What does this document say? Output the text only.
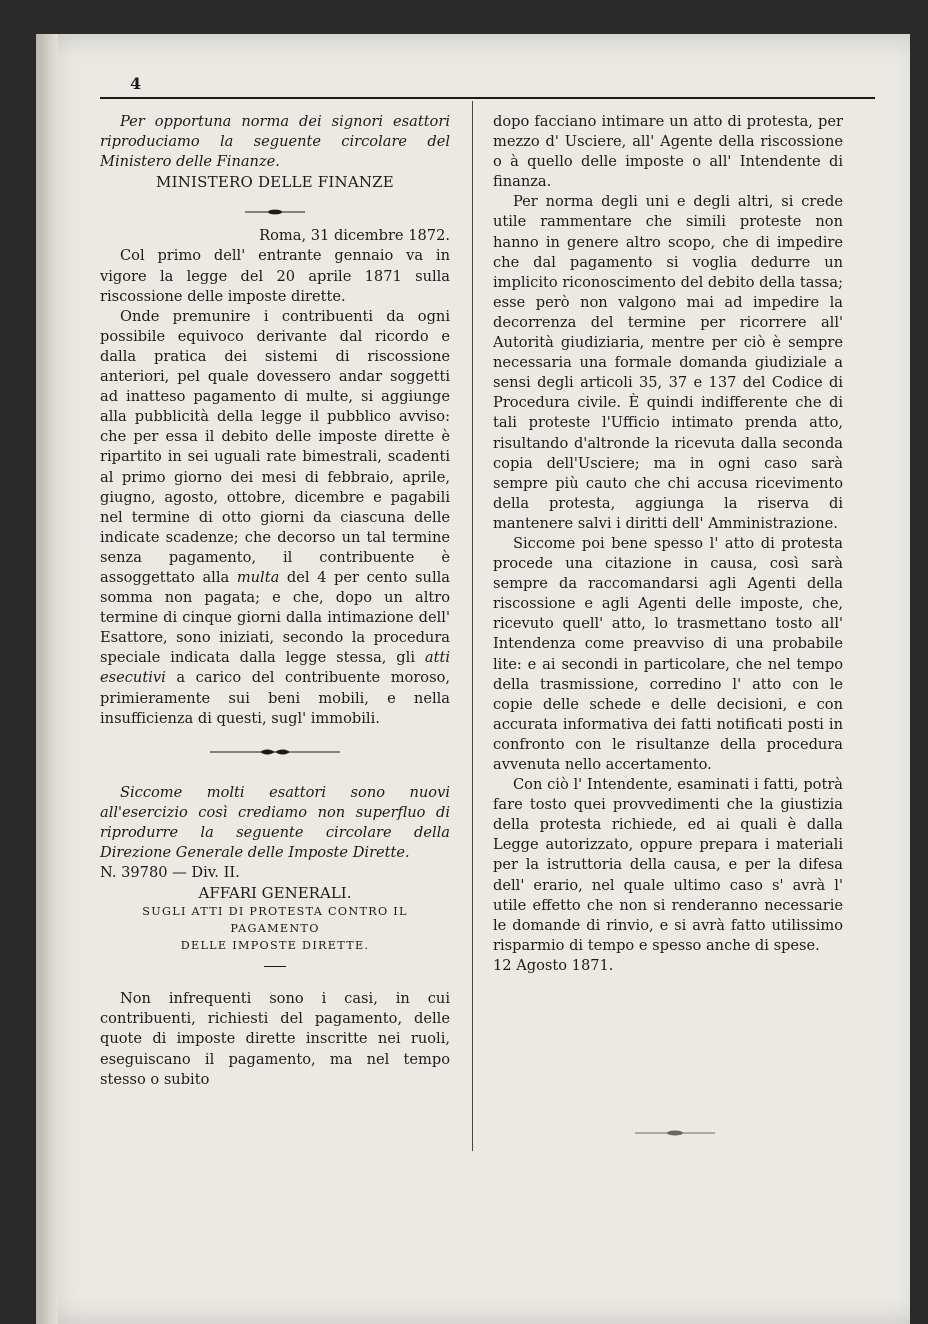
4

Per opportuna norma dei signori esattori riproduciamo la seguente circolare del Ministero delle Finanze.

MINISTERO DELLE FINANZE

Roma, 31 dicembre 1872.

Col primo dell' entrante gennaio va in vigore la legge del 20 aprile 1871 sulla riscossione delle imposte dirette.

Onde premunire i contribuenti da ogni possibile equivoco derivante dal ricordo e dalla pratica dei sistemi di riscossione anteriori, pel quale dovessero andar soggetti ad inatteso pagamento di multe, si aggiunge alla pubblicità della legge il pubblico avviso: che per essa il debito delle imposte dirette è ripartito in sei uguali rate bimestrali, scadenti al primo giorno dei mesi di febbraio, aprile, giugno, agosto, ottobre, dicembre e pagabili nel termine di otto giorni da ciascuna delle indicate scadenze; che decorso un tal termine senza pagamento, il contribuente è assoggettato alla multa del 4 per cento sulla somma non pagata; e che, dopo un altro termine di cinque giorni dalla intimazione dell' Esattore, sono iniziati, secondo la procedura speciale indicata dalla legge stessa, gli atti esecutivi a carico del contribuente moroso, primieramente sui beni mobili, e nella insufficienza di questi, sugl' immobili.

Siccome molti esattori sono nuovi all'esercizio così crediamo non superfluo di riprodurre la seguente circolare della Direzione Generale delle Imposte Dirette.

N. 39780 — Div. II.

AFFARI GENERALI.

SUGLI ATTI DI PROTESTA CONTRO IL PAGAMENTO

DELLE IMPOSTE DIRETTE.

Non infrequenti sono i casi, in cui contribuenti, richiesti del pagamento, delle quote di imposte dirette inscritte nei ruoli, eseguiscano il pagamento, ma nel tempo stesso o subito

dopo facciano intimare un atto di protesta, per mezzo d' Usciere, all' Agente della riscossione o à quello delle imposte o all' Intendente di finanza.

Per norma degli uni e degli altri, si crede utile rammentare che simili proteste non hanno in genere altro scopo, che di impedire che dal pagamento si voglia dedurre un implicito riconoscimento del debito della tassa; esse però non valgono mai ad impedire la decorrenza del termine per ricorrere all' Autorità giudiziaria, mentre per ciò è sempre necessaria una formale domanda giudiziale a sensi degli articoli 35, 37 e 137 del Codice di Procedura civile. È quindi indifferente che di tali proteste l'Ufficio intimato prenda atto, risultando d'altronde la ricevuta dalla seconda copia dell'Usciere; ma in ogni caso sarà sempre più cauto che chi accusa ricevimento della protesta, aggiunga la riserva di mantenere salvi i diritti dell' Amministrazione.

Siccome poi bene spesso l' atto di protesta procede una citazione in causa, così sarà sempre da raccomandarsi agli Agenti della riscossione e agli Agenti delle imposte, che, ricevuto quell' atto, lo trasmettano tosto all' Intendenza come preavviso di una probabile lite: e ai secondi in particolare, che nel tempo della trasmissione, corredino l' atto con le copie delle schede e delle decisioni, e con accurata informativa dei fatti notificati posti in confronto con le risultanze della procedura avvenuta nello accertamento.

Con ciò l' Intendente, esaminati i fatti, potrà fare tosto quei provvedimenti che la giustizia della protesta richiede, ed ai quali è dalla Legge autorizzato, oppure prepara i materiali per la istruttoria della causa, e per la difesa dell' erario, nel quale ultimo caso s' avrà l' utile effetto che non si renderanno necessarie le domande di rinvio, e si avrà fatto utilissimo risparmio di tempo e spesso anche di spese.

12 Agosto 1871.
